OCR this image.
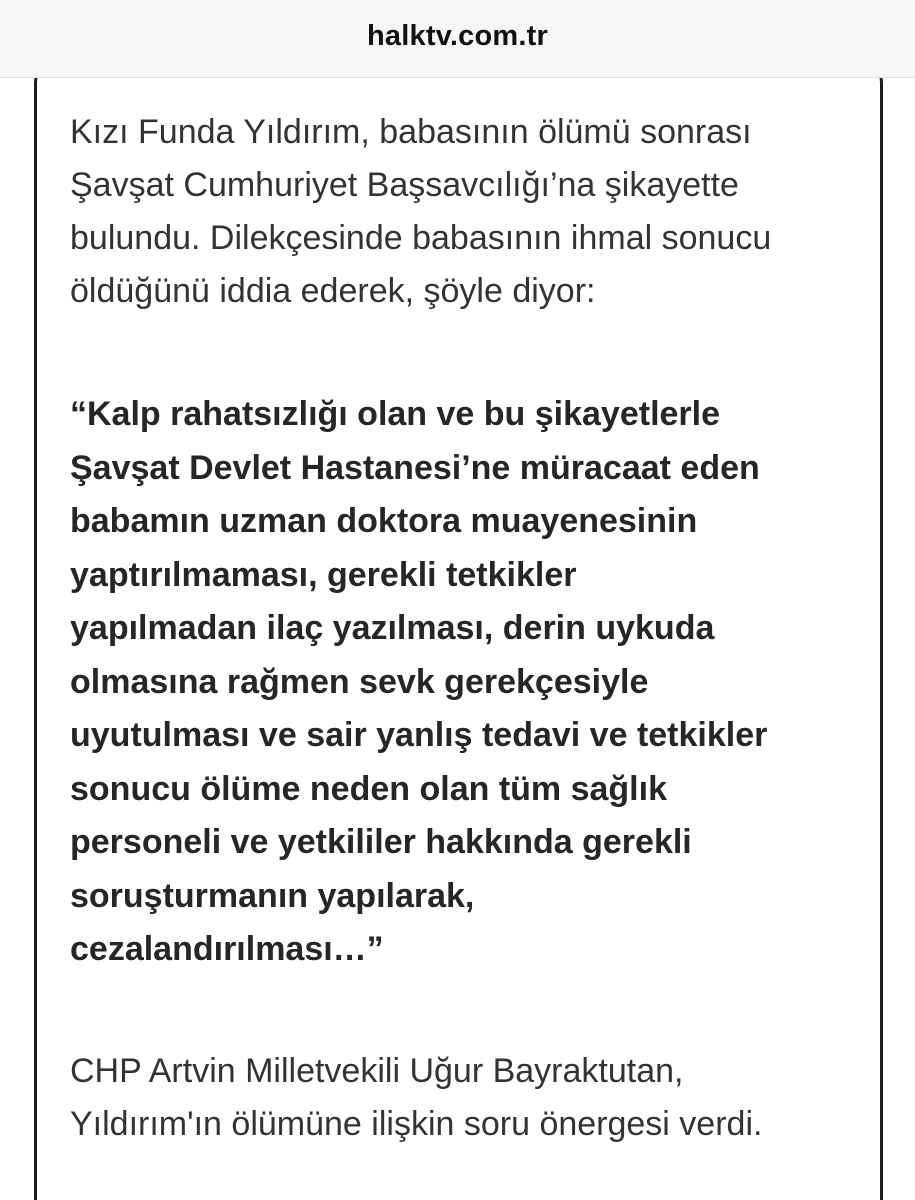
halktv.com.tr

Kızı Funda Yıldırım, babasının ölümü sonrası
Şavşat Cumhuriyet Başsavcılığı’na şikayette
bulundu. Dilekçesinde babasının ihmal sonucu
öldüğünü iddia ederek, şöyle diyor:

“Kalp rahatsızlığı olan ve bu şikayetlerle
Şavşat Devlet Hastanesi’ne müracaat eden
babamın uzman doktora muayenesinin
yaptırılmaması, gerekli tetkikler
yapılmadan ilaç yazılması, derin uykuda
olmasına rağmen sevk gerekçesiyle
uyutulması ve sair yanlış tedavi ve tetkikler
sonucu ölüme neden olan tüm sağlık
personeli ve yetkililer hakkında gerekli
soruşturmanın yapılarak,
cezalandırılması…”

CHP Artvin Milletvekili Uğur Bayraktutan,
Yıldırım'ın ölümüne ilişkin soru önergesi verdi.
